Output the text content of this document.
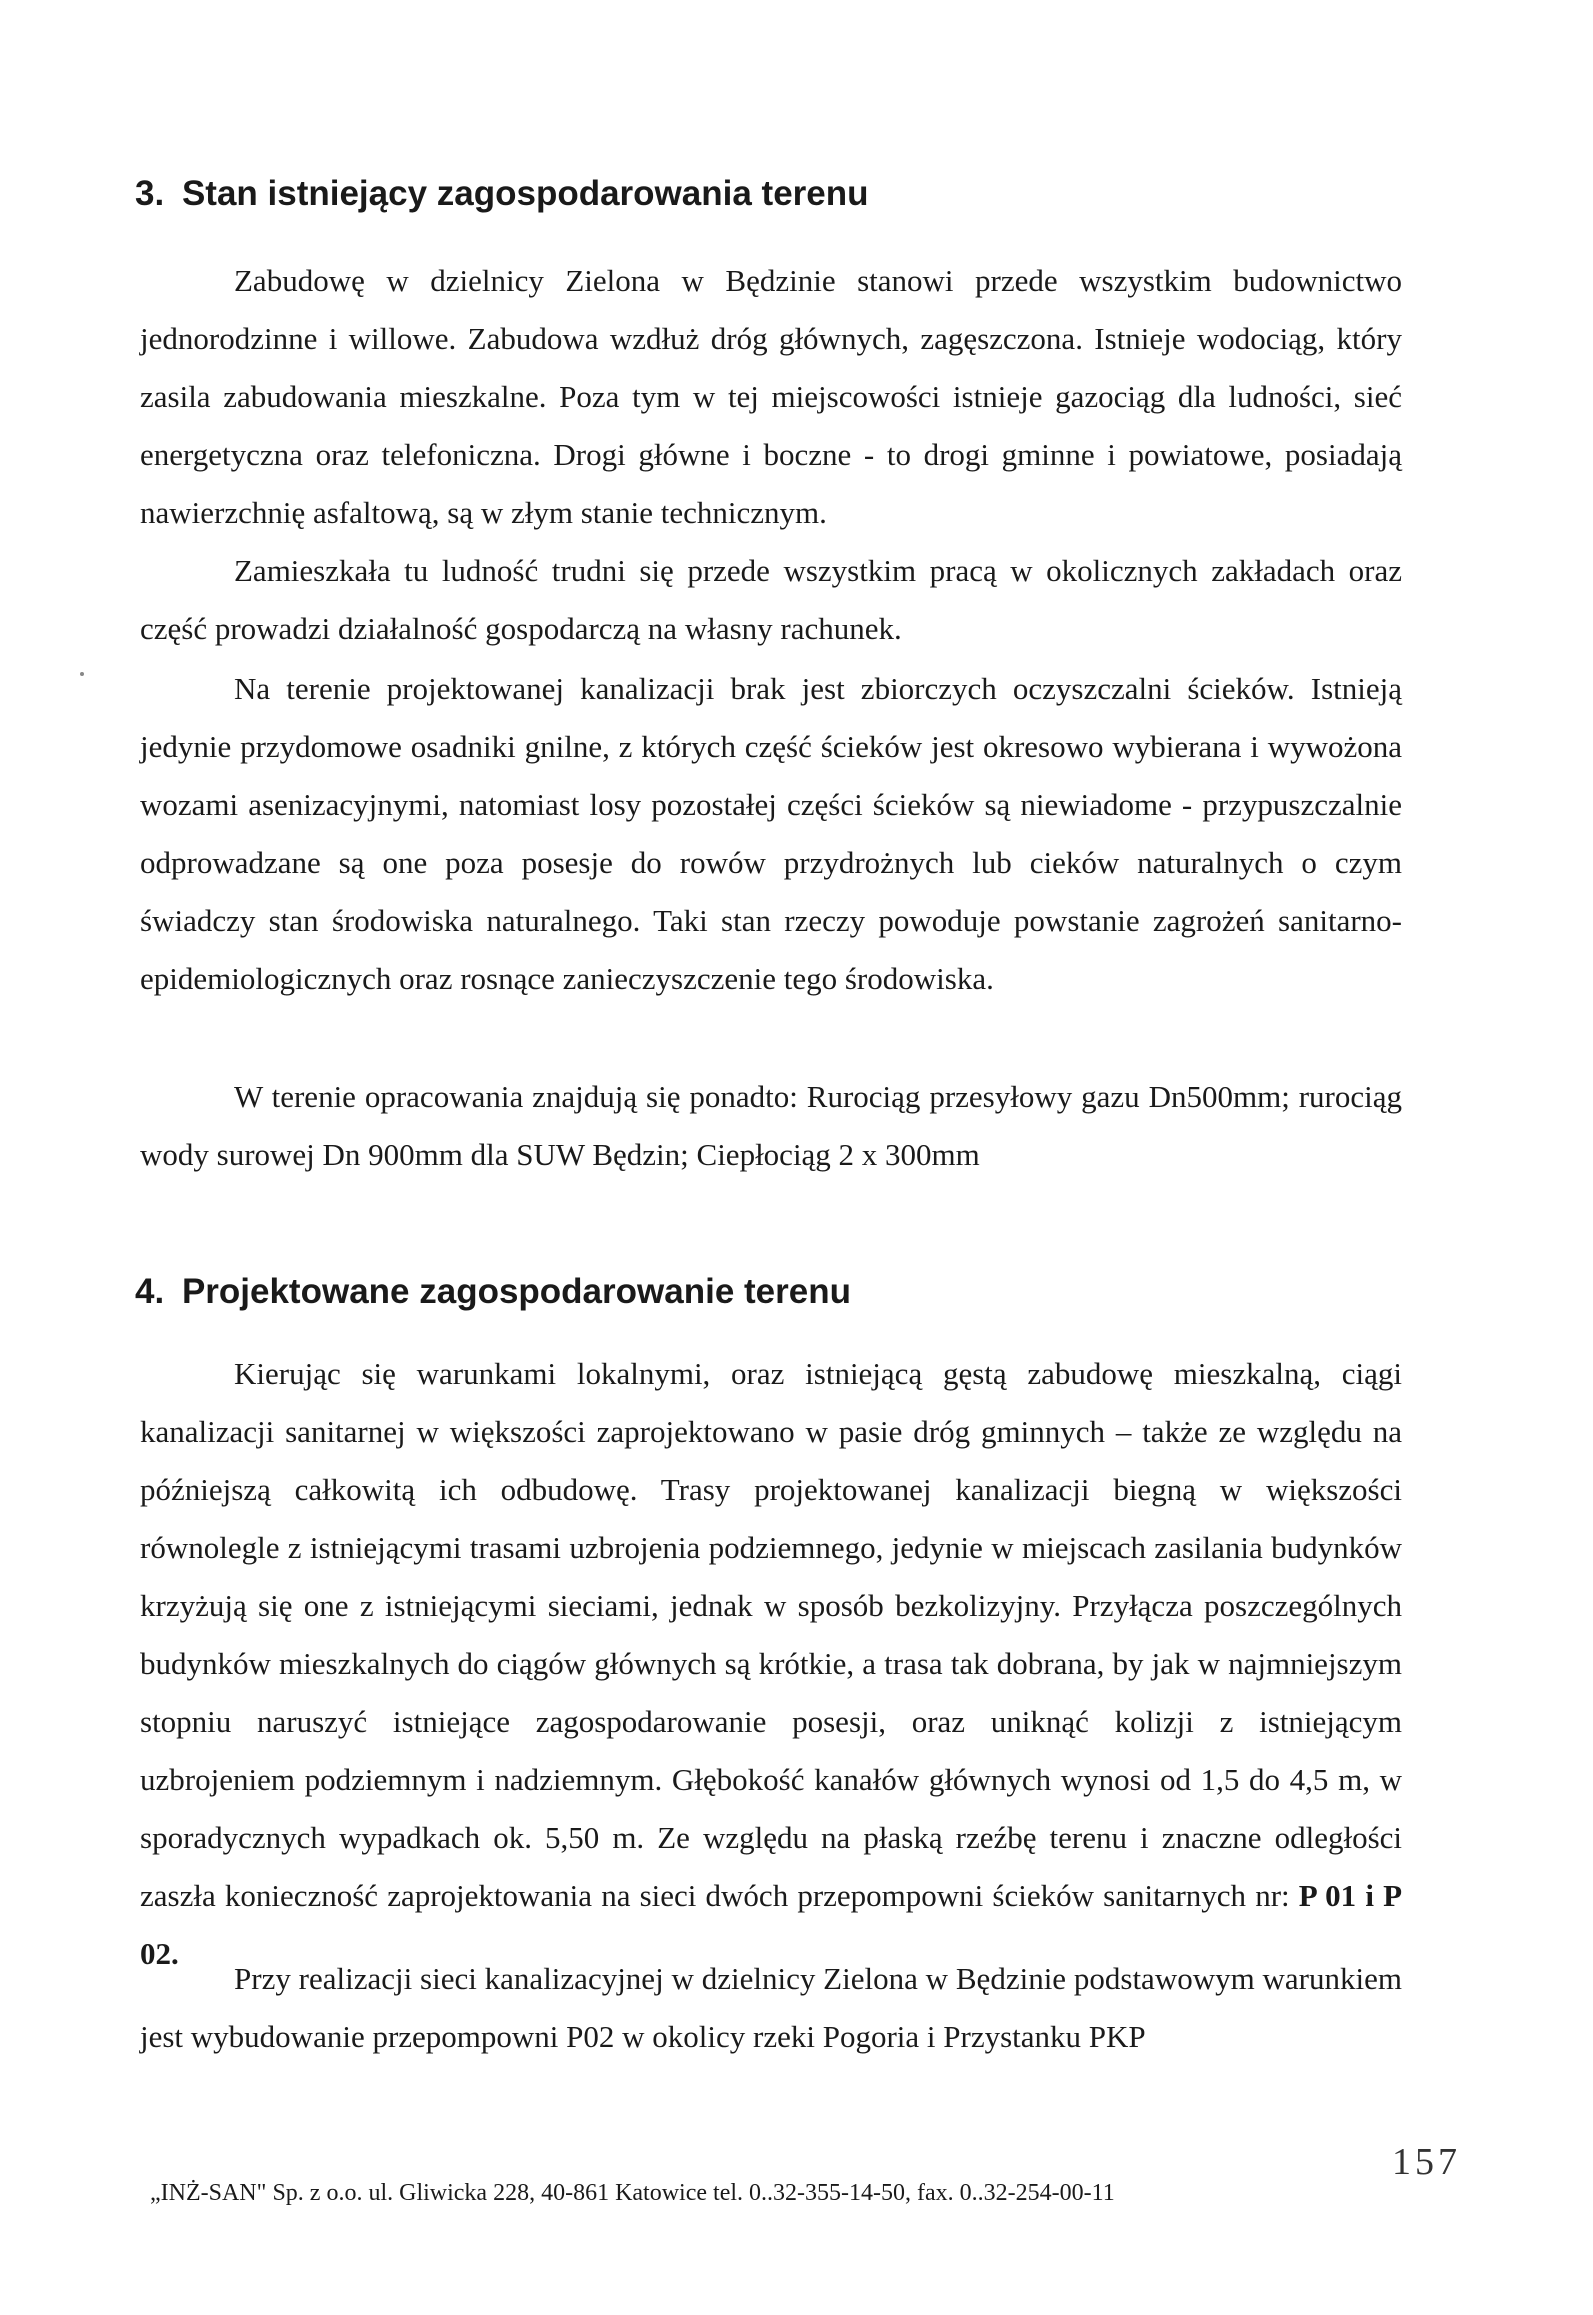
3. Stan istniejący zagospodarowania terenu

Zabudowę w dzielnicy Zielona w Będzinie stanowi przede wszystkim budownictwo jednorodzinne i willowe. Zabudowa wzdłuż dróg głównych, zagęszczona. Istnieje wodociąg, który zasila zabudowania mieszkalne. Poza tym w tej miejscowości istnieje gazociąg dla ludności, sieć energetyczna oraz telefoniczna. Drogi główne i boczne - to drogi gminne i powiatowe, posiadają nawierzchnię asfaltową, są w złym stanie technicznym.

Zamieszkała tu ludność trudni się przede wszystkim pracą w okolicznych zakładach oraz część prowadzi działalność gospodarczą na własny rachunek.

Na terenie projektowanej kanalizacji brak jest zbiorczych oczyszczalni ścieków. Istnieją jedynie przydomowe osadniki gnilne, z których część ścieków jest okresowo wybierana i wywożona wozami asenizacyjnymi, natomiast losy pozostałej części ścieków są niewiadome - przypuszczalnie odprowadzane są one poza posesje do rowów przydrożnych lub cieków naturalnych o czym świadczy stan środowiska naturalnego. Taki stan rzeczy powoduje powstanie zagrożeń sanitarno-epidemiologicznych oraz rosnące zanieczyszczenie tego środowiska.

W terenie opracowania znajdują się ponadto: Rurociąg przesyłowy gazu Dn500mm; rurociąg wody surowej Dn 900mm dla SUW Będzin; Ciepłociąg 2 x 300mm

4. Projektowane zagospodarowanie terenu

Kierując się warunkami lokalnymi, oraz istniejącą gęstą zabudowę mieszkalną, ciągi kanalizacji sanitarnej w większości zaprojektowano w pasie dróg gminnych – także ze względu na późniejszą całkowitą ich odbudowę. Trasy projektowanej kanalizacji biegną w większości równolegle z istniejącymi trasami uzbrojenia podziemnego, jedynie w miejscach zasilania budynków krzyżują się one z istniejącymi sieciami, jednak w sposób bezkolizyjny. Przyłącza poszczególnych budynków mieszkalnych do ciągów głównych są krótkie, a trasa tak dobrana, by jak w najmniejszym stopniu naruszyć istniejące zagospodarowanie posesji, oraz uniknąć kolizji z istniejącym uzbrojeniem podziemnym i nadziemnym. Głębokość kanałów głównych wynosi od 1,5 do 4,5 m, w sporadycznych wypadkach ok. 5,50 m. Ze względu na płaską rzeźbę terenu i znaczne odległości zaszła konieczność zaprojektowania na sieci dwóch przepompowni ścieków sanitarnych nr: P 01 i P 02.

Przy realizacji sieci kanalizacyjnej w dzielnicy Zielona w Będzinie podstawowym warunkiem jest wybudowanie przepompowni P02 w okolicy rzeki Pogoria i Przystanku PKP

157
„INŻ-SAN" Sp. z o.o. ul. Gliwicka 228, 40-861 Katowice tel. 0..32-355-14-50, fax. 0..32-254-00-11
